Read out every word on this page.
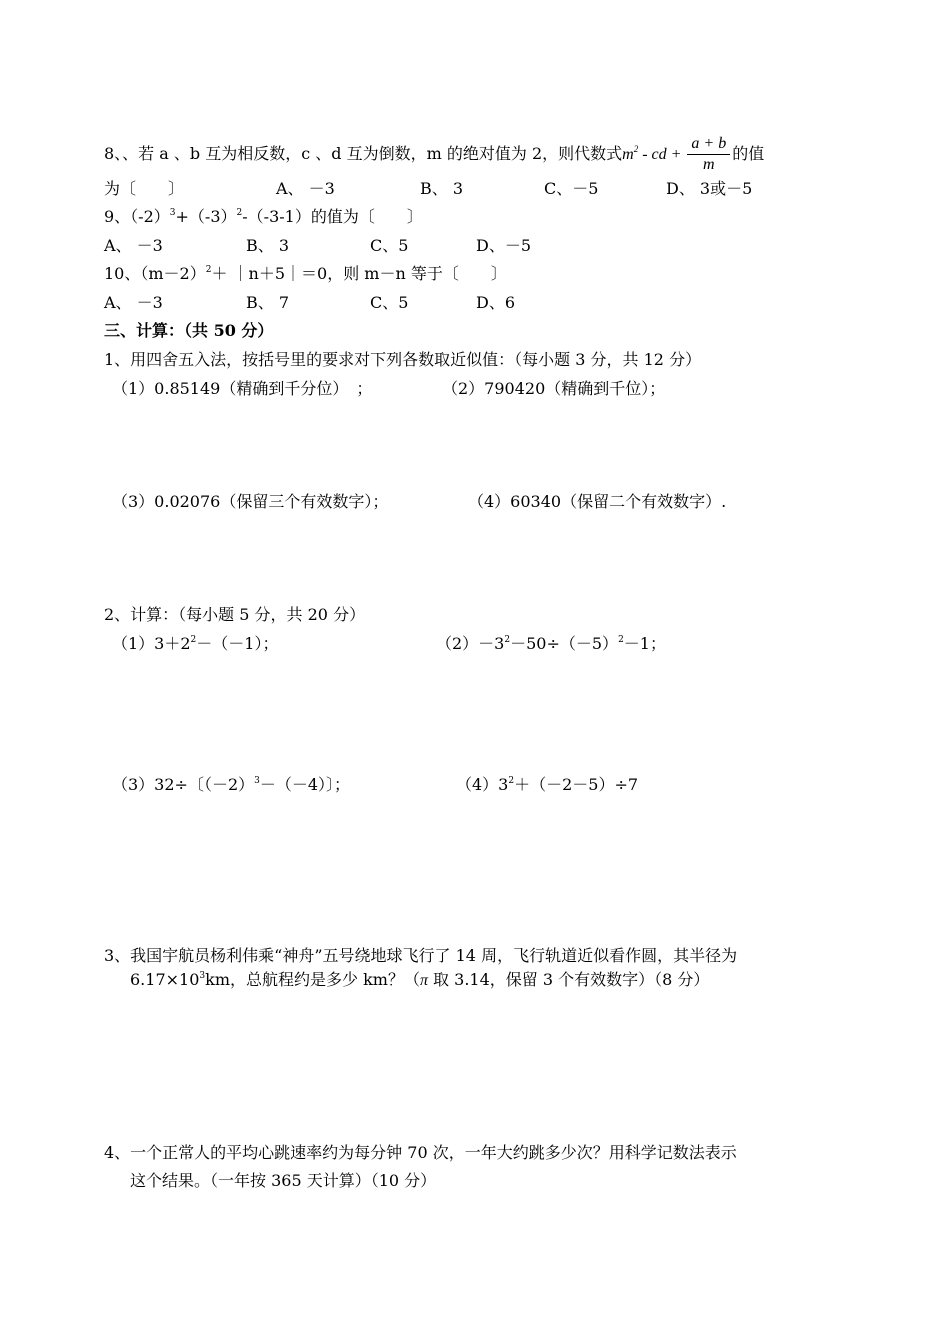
8、、若 a 、b 互为相反数，c 、d 互为倒数，m 的绝对值为 2，则代数式$m^2$ - cd + $\frac{a + b}{m}$ 的值
为〔　　〕	A、 －3	B、 3	C、－5	D、 3或－5
9、$(-2)^3+(-3)^2-(-3-1)$的值为〔　　〕
A、 －3	B、 3	C、5	D、－5
10、$(m-2)^2+$ ｜n＋5｜＝0，则 m－n 等于〔　　〕
A、 －3	B、 7	C、5	D、6
三、计算：（共 50 分）
1、用四舍五入法，按括号里的要求对下列各数取近似值：（每小题 3 分，共 12 分）
（1）0.85149（精确到千分位）　；	（2）790420（精确到千位）；
（3）0.02076（保留三个有效数字）；	（4）60340（保留二个有效数字）.
2、计算：（每小题 5 分，共 20 分）
$(1)3+2^2-(-1)$；	$(2)-3^2-50\div(-5)^2-1$；
（3）32÷〔$(-2)^3-(-4)$〕；	$(4)3^2+(-2-5)\div 7$
3、我国宇航员杨利伟乘“神舟”五号绕地球飞行了 14 周，飞行轨道近似看作圆，其半径为
$6.17\times 10^3km$，总航程约是多少 km？（π 取 3.14，保留 3 个有效数字）（8 分）
4、一个正常人的平均心跳速率约为每分钟 70 次，一年大约跳多少次？用科学记数法表示
这个结果。（一年按 365 天计算）（10 分）
